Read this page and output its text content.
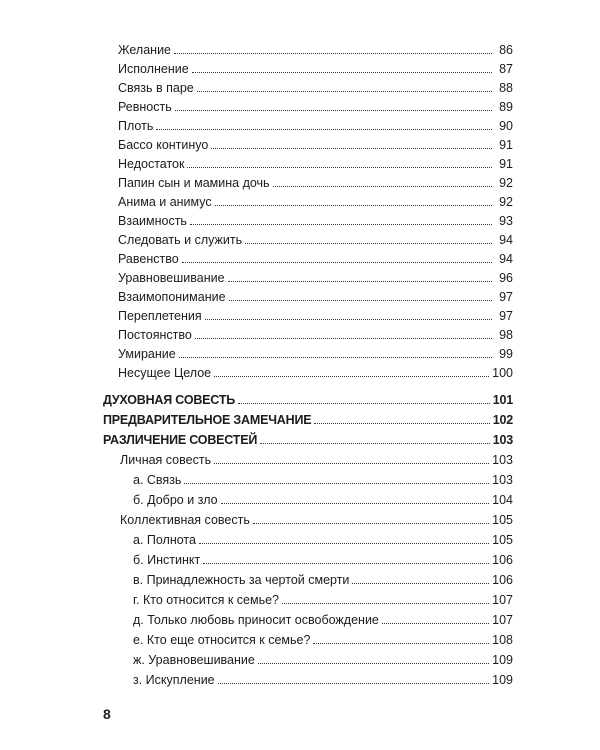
Желание	86
Исполнение	87
Связь в паре	88
Ревность	89
Плоть	90
Бассо континуо	91
Недостаток	91
Папин сын и мамина дочь	92
Анима и анимус	92
Взаимность	93
Следовать и служить	94
Равенство	94
Уравновешивание	96
Взаимопонимание	97
Переплетения	97
Постоянство	98
Умирание	99
Несущее Целое	100
ДУХОВНАЯ СОВЕСТЬ	101
ПРЕДВАРИТЕЛЬНОЕ ЗАМЕЧАНИЕ	102
РАЗЛИЧЕНИЕ СОВЕСТЕЙ	103
Личная совесть	103
а. Связь	103
б. Добро и зло	104
Коллективная совесть	105
а. Полнота	105
б. Инстинкт	106
в. Принадлежность за чертой смерти	106
г. Кто относится к семье?	107
д. Только любовь приносит освобождение	107
е. Кто еще относится к семье?	108
ж. Уравновешивание	109
з. Искупление	109
8
